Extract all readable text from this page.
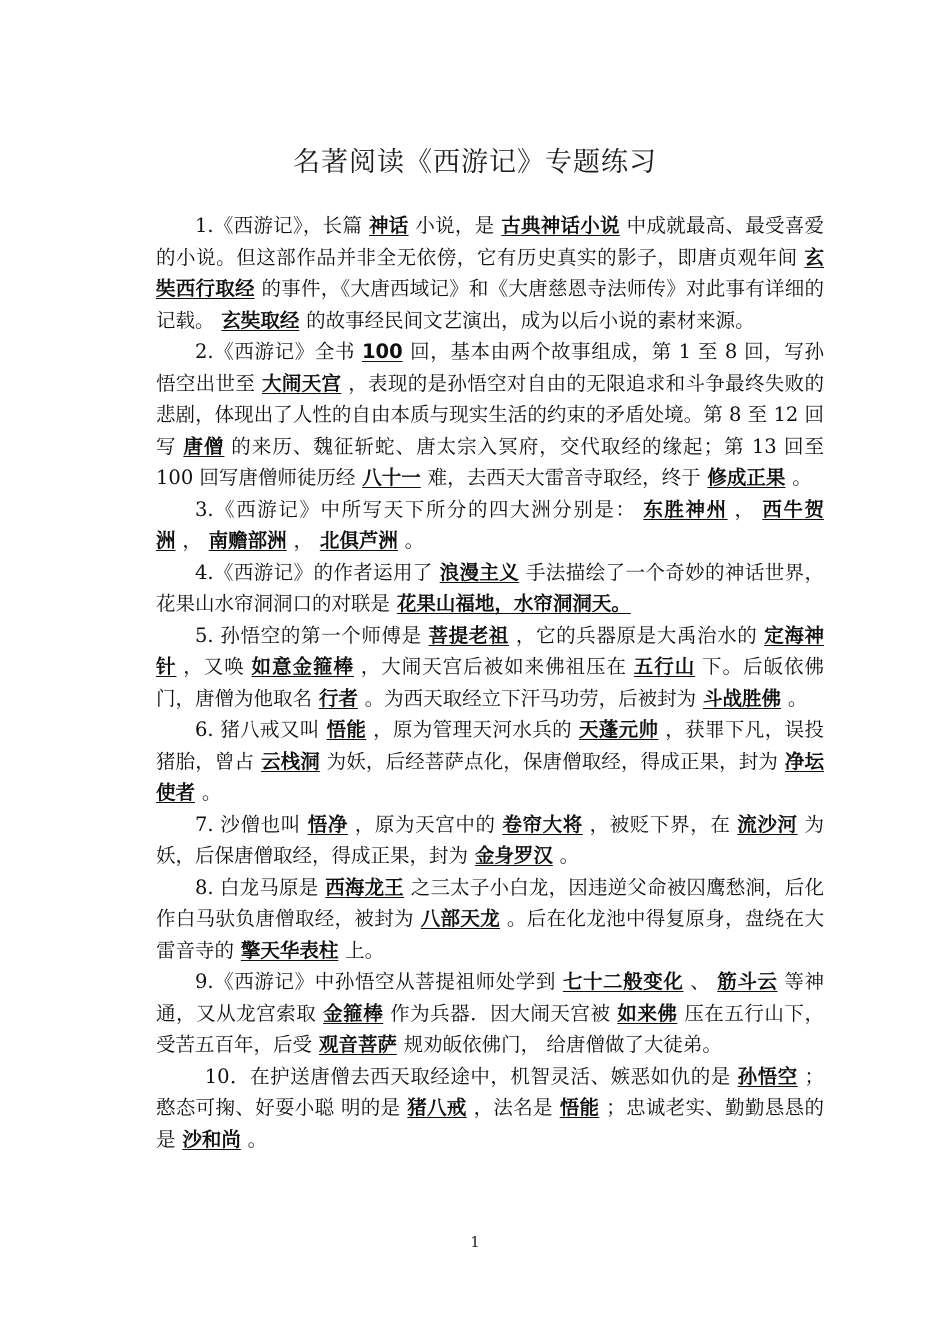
名著阅读《西游记》专题练习

1.《西游记》，长篇 神话 小说，是 古典神话小说 中成就最高、最受喜爱的小说。但这部作品并非全无依傍，它有历史真实的影子，即唐贞观年间 玄奘西行取经 的事件，《大唐西域记》和《大唐慈恩寺法师传》对此事有详细的记载。 玄奘取经 的故事经民间文艺演出，成为以后小说的素材来源。

2.《西游记》全书 100 回，基本由两个故事组成，第 1 至 8 回，写孙悟空出世至 大闹天宫 ，表现的是孙悟空对自由的无限追求和斗争最终失败的悲剧，体现出了人性的自由本质与现实生活的约束的矛盾处境。第 8 至 12 回写 唐僧 的来历、魏征斩蛇、唐太宗入冥府，交代取经的缘起；第 13 回至 100 回写唐僧师徒历经 八十一 难，去西天大雷音寺取经，终于 修成正果 。

3.《西游记》中所写天下所分的四大洲分别是： 东胜神州 ， 西牛贺洲 ， 南赡部洲 ， 北俱芦洲 。

4.《西游记》的作者运用了 浪漫主义 手法描绘了一个奇妙的神话世界，花果山水帘洞洞口的对联是 花果山福地，水帘洞洞天。

5. 孙悟空的第一个师傅是 菩提老祖 ，它的兵器原是大禹治水的 定海神针 ，又唤 如意金箍棒 ，大闹天宫后被如来佛祖压在 五行山 下。后皈依佛门，唐僧为他取名 行者 。为西天取经立下汗马功劳，后被封为 斗战胜佛 。

6. 猪八戒又叫 悟能 ，原为管理天河水兵的 天蓬元帅 ，获罪下凡，误投猪胎，曾占 云栈洞 为妖，后经菩萨点化，保唐僧取经，得成正果，封为 净坛使者 。

7. 沙僧也叫 悟净 ，原为天宫中的 卷帘大将 ，被贬下界，在 流沙河 为妖，后保唐僧取经，得成正果，封为 金身罗汉 。

8. 白龙马原是 西海龙王 之三太子小白龙，因违逆父命被囚鹰愁涧，后化作白马驮负唐僧取经，被封为 八部天龙 。后在化龙池中得复原身，盘绕在大雷音寺的 擎天华表柱 上。

9.《西游记》中孙悟空从菩提祖师处学到 七十二般变化 、 筋斗云 等神通，又从龙宫索取 金箍棒 作为兵器．因大闹天宫被 如来佛 压在五行山下，受苦五百年，后受 观音菩萨 规劝皈依佛门， 给唐僧做了大徒弟。

10．在护送唐僧去西天取经途中，机智灵活、嫉恶如仇的是 孙悟空 ；憨态可掬、好耍小聪 明的是 猪八戒 ，法名是 悟能 ；忠诚老实、勤勤恳恳的是 沙和尚 。

1
